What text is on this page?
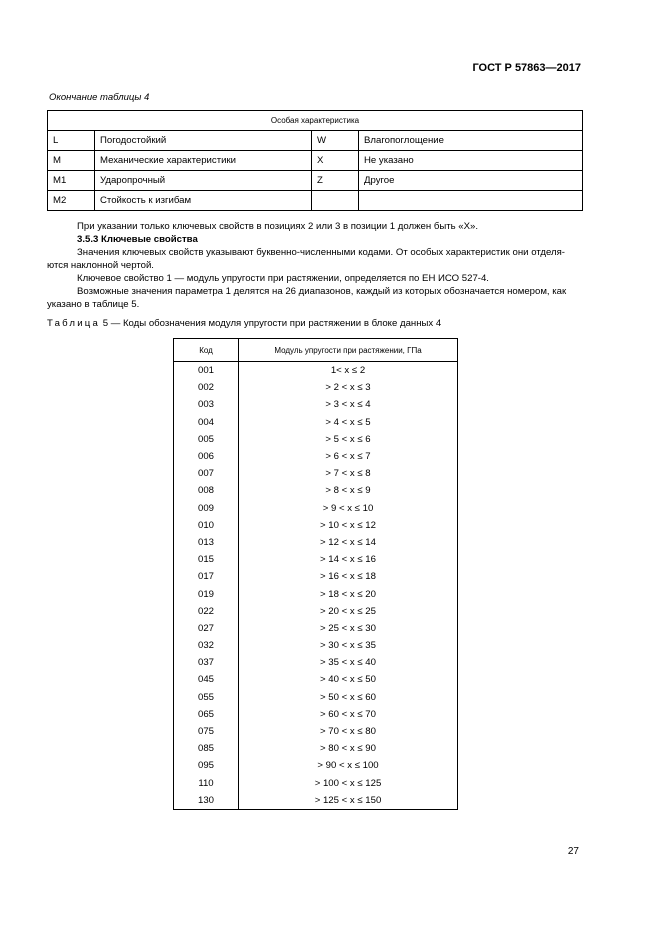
ГОСТ Р 57863—2017
Окончание таблицы 4
Особая характеристика			
L	Погодостойкий	W	Влагопоглощение
M	Механические характеристики	X	Не указано
M1	Ударопрочный	Z	Другое
M2	Стойкость к изгибам		
При указании только ключевых свойств в позициях 2 или 3 в позиции 1 должен быть «X».
3.5.3 Ключевые свойства
Значения ключевых свойств указывают буквенно-численными кодами. От особых характеристик они отделя-ются наклонной чертой.
Ключевое свойство 1 — модуль упругости при растяжении, определяется по ЕН ИСО 527-4.
Возможные значения параметра 1 делятся на 26 диапазонов, каждый из которых обозначается номером, как указано в таблице 5.
Таблица 5 — Коды обозначения модуля упругости при растяжении в блоке данных 4
Код	Модуль упругости при растяжении, ГПа
001	1< x ≤ 2
002	> 2 < x ≤ 3
003	> 3 < x ≤ 4
004	> 4 < x ≤ 5
005	> 5 < x ≤ 6
006	> 6 < x ≤ 7
007	> 7 < x ≤ 8
008	> 8 < x ≤ 9
009	> 9 < x ≤ 10
010	> 10 < x ≤ 12
013	> 12 < x ≤ 14
015	> 14 < x ≤ 16
017	> 16 < x ≤ 18
019	> 18 < x ≤ 20
022	> 20 < x ≤ 25
027	> 25 < x ≤ 30
032	> 30 < x ≤ 35
037	> 35 < x ≤ 40
045	> 40 < x ≤ 50
055	> 50 < x ≤ 60
065	> 60 < x ≤ 70
075	> 70 < x ≤ 80
085	> 80 < x ≤ 90
095	> 90 < x ≤ 100
110	> 100 < x ≤ 125
130	> 125 < x ≤ 150
27
